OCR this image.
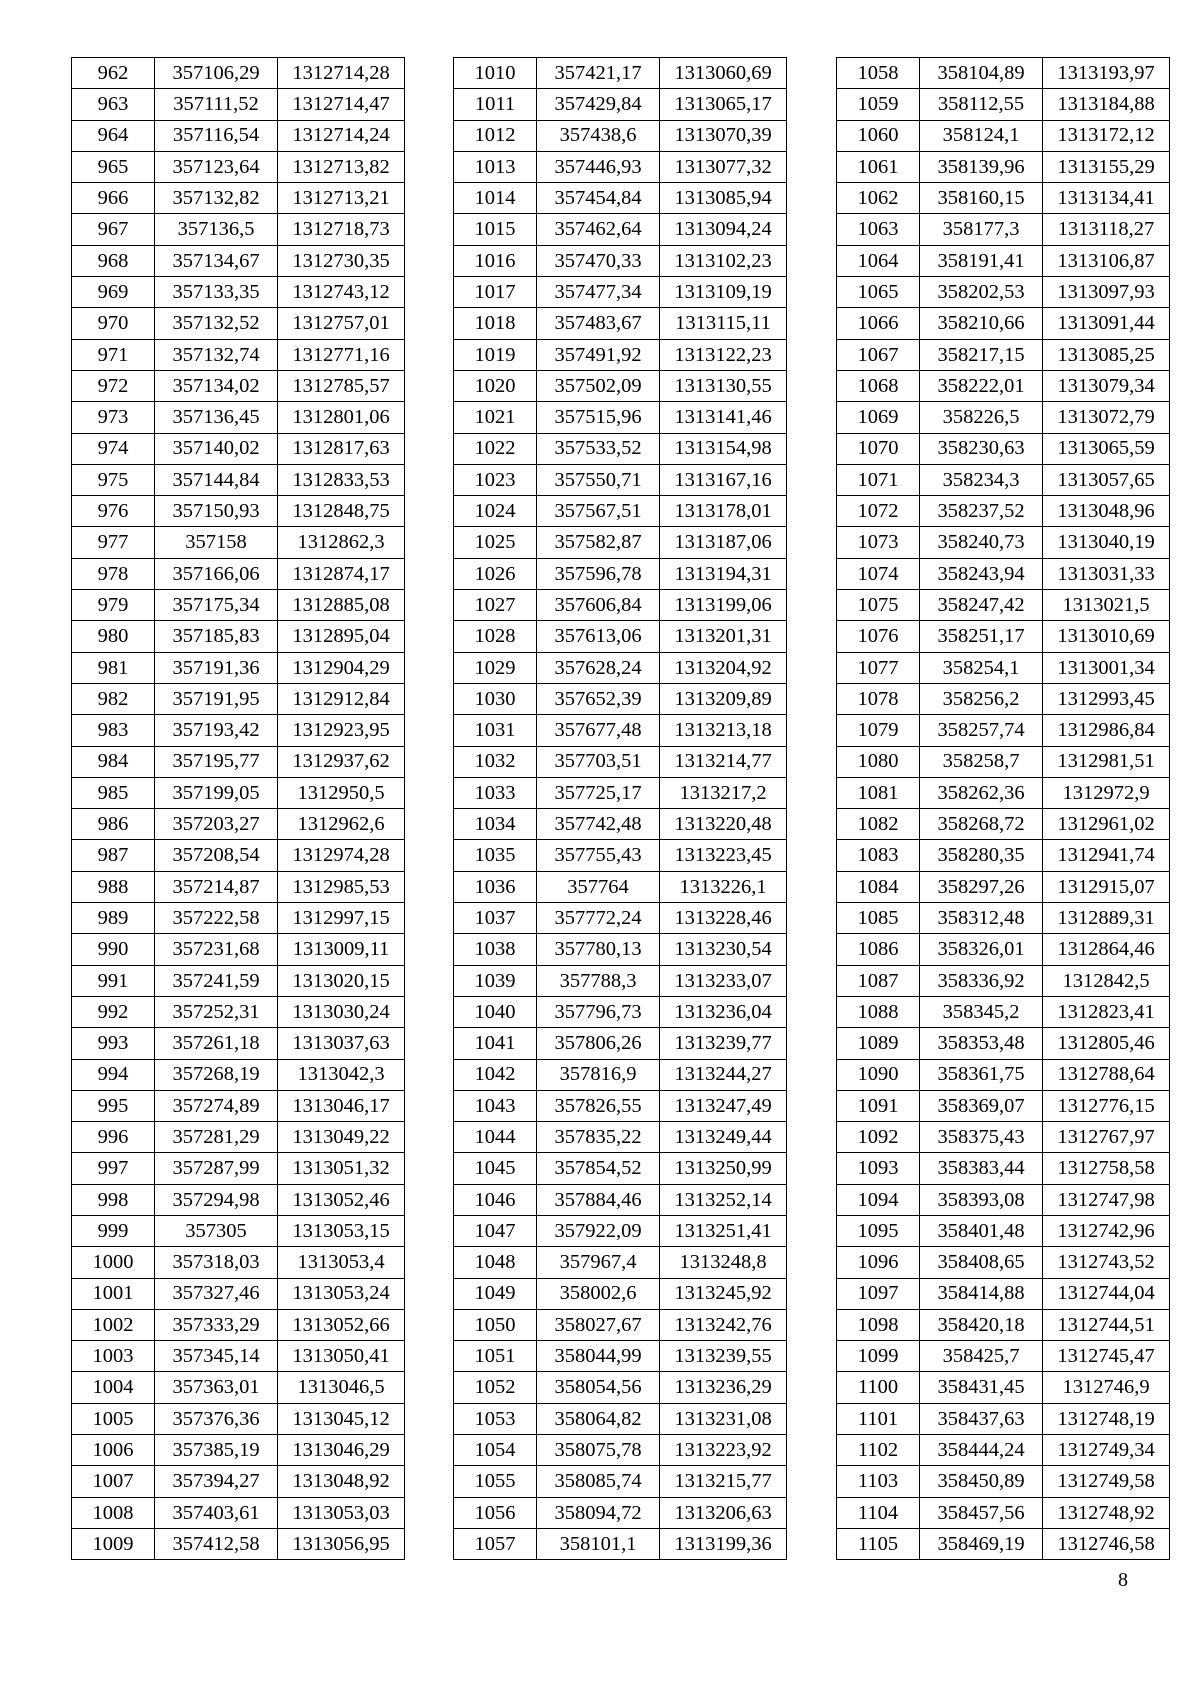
962	357106,29	1312714,28
963	357111,52	1312714,47
964	357116,54	1312714,24
965	357123,64	1312713,82
966	357132,82	1312713,21
967	357136,5	1312718,73
968	357134,67	1312730,35
969	357133,35	1312743,12
970	357132,52	1312757,01
971	357132,74	1312771,16
972	357134,02	1312785,57
973	357136,45	1312801,06
974	357140,02	1312817,63
975	357144,84	1312833,53
976	357150,93	1312848,75
977	357158	1312862,3
978	357166,06	1312874,17
979	357175,34	1312885,08
980	357185,83	1312895,04
981	357191,36	1312904,29
982	357191,95	1312912,84
983	357193,42	1312923,95
984	357195,77	1312937,62
985	357199,05	1312950,5
986	357203,27	1312962,6
987	357208,54	1312974,28
988	357214,87	1312985,53
989	357222,58	1312997,15
990	357231,68	1313009,11
991	357241,59	1313020,15
992	357252,31	1313030,24
993	357261,18	1313037,63
994	357268,19	1313042,3
995	357274,89	1313046,17
996	357281,29	1313049,22
997	357287,99	1313051,32
998	357294,98	1313052,46
999	357305	1313053,15
1000	357318,03	1313053,4
1001	357327,46	1313053,24
1002	357333,29	1313052,66
1003	357345,14	1313050,41
1004	357363,01	1313046,5
1005	357376,36	1313045,12
1006	357385,19	1313046,29
1007	357394,27	1313048,92
1008	357403,61	1313053,03
1009	357412,58	1313056,95
1010	357421,17	1313060,69
1011	357429,84	1313065,17
1012	357438,6	1313070,39
1013	357446,93	1313077,32
1014	357454,84	1313085,94
1015	357462,64	1313094,24
1016	357470,33	1313102,23
1017	357477,34	1313109,19
1018	357483,67	1313115,11
1019	357491,92	1313122,23
1020	357502,09	1313130,55
1021	357515,96	1313141,46
1022	357533,52	1313154,98
1023	357550,71	1313167,16
1024	357567,51	1313178,01
1025	357582,87	1313187,06
1026	357596,78	1313194,31
1027	357606,84	1313199,06
1028	357613,06	1313201,31
1029	357628,24	1313204,92
1030	357652,39	1313209,89
1031	357677,48	1313213,18
1032	357703,51	1313214,77
1033	357725,17	1313217,2
1034	357742,48	1313220,48
1035	357755,43	1313223,45
1036	357764	1313226,1
1037	357772,24	1313228,46
1038	357780,13	1313230,54
1039	357788,3	1313233,07
1040	357796,73	1313236,04
1041	357806,26	1313239,77
1042	357816,9	1313244,27
1043	357826,55	1313247,49
1044	357835,22	1313249,44
1045	357854,52	1313250,99
1046	357884,46	1313252,14
1047	357922,09	1313251,41
1048	357967,4	1313248,8
1049	358002,6	1313245,92
1050	358027,67	1313242,76
1051	358044,99	1313239,55
1052	358054,56	1313236,29
1053	358064,82	1313231,08
1054	358075,78	1313223,92
1055	358085,74	1313215,77
1056	358094,72	1313206,63
1057	358101,1	1313199,36
1058	358104,89	1313193,97
1059	358112,55	1313184,88
1060	358124,1	1313172,12
1061	358139,96	1313155,29
1062	358160,15	1313134,41
1063	358177,3	1313118,27
1064	358191,41	1313106,87
1065	358202,53	1313097,93
1066	358210,66	1313091,44
1067	358217,15	1313085,25
1068	358222,01	1313079,34
1069	358226,5	1313072,79
1070	358230,63	1313065,59
1071	358234,3	1313057,65
1072	358237,52	1313048,96
1073	358240,73	1313040,19
1074	358243,94	1313031,33
1075	358247,42	1313021,5
1076	358251,17	1313010,69
1077	358254,1	1313001,34
1078	358256,2	1312993,45
1079	358257,74	1312986,84
1080	358258,7	1312981,51
1081	358262,36	1312972,9
1082	358268,72	1312961,02
1083	358280,35	1312941,74
1084	358297,26	1312915,07
1085	358312,48	1312889,31
1086	358326,01	1312864,46
1087	358336,92	1312842,5
1088	358345,2	1312823,41
1089	358353,48	1312805,46
1090	358361,75	1312788,64
1091	358369,07	1312776,15
1092	358375,43	1312767,97
1093	358383,44	1312758,58
1094	358393,08	1312747,98
1095	358401,48	1312742,96
1096	358408,65	1312743,52
1097	358414,88	1312744,04
1098	358420,18	1312744,51
1099	358425,7	1312745,47
1100	358431,45	1312746,9
1101	358437,63	1312748,19
1102	358444,24	1312749,34
1103	358450,89	1312749,58
1104	358457,56	1312748,92
1105	358469,19	1312746,58
8
